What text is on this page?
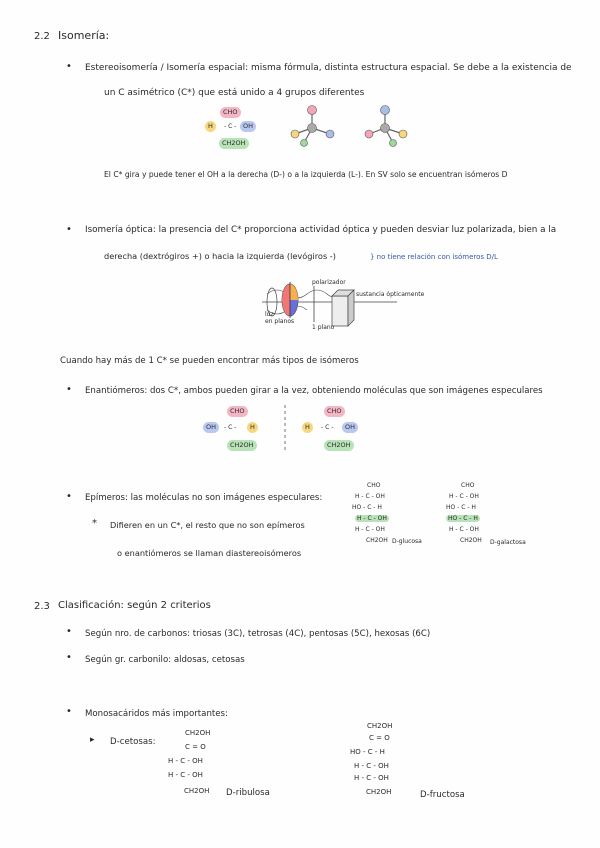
2.2 Isomería:
• Estereoisomería / Isomería espacial: misma fórmula, distinta estructura espacial. Se debe a la existencia de
un C asimétrico (C*) que está unido a 4 grupos diferentes
CHO
H	- C -	OH
CH2OH
El C* gira y puede tener el OH a la derecha (D-) o a la izquierda (L-). En SV solo se encuentran isómeros D
• Isomería óptica: la presencia del C* proporciona actividad óptica y pueden desviar luz polarizada, bien a la
derecha (dextrógiros +) o hacia la izquierda (levógiros -)	} no tiene relación con isómeros D/L
polarizador
sustancia ópticamente
luz
en planos
1 plano
Cuando hay más de 1 C* se pueden encontrar más tipos de isómeros
• Enantiómeros: dos C*, ambos pueden girar a la vez, obteniendo moléculas que son imágenes especulares
CHO
OH	- C -	H
CH2OH
CHO
H	- C -	OH
CH2OH
• Epímeros: las moléculas no son imágenes especulares:
* Difieren en un C*, el resto que no son epímeros
o enantiómeros se llaman diastereoisómeros
CHO
H - C - OH
HO - C - H
H - C - OH
H - C - OH
CH2OH D-glucosa
CHO
H - C - OH
HO - C - H
HO - C - H
H - C - OH
CH2OH D-galactosa
2.3 Clasificación: según 2 criterios
• Según nro. de carbonos: triosas (3C), tetrosas (4C), pentosas (5C), hexosas (6C)
• Según gr. carbonilo: aldosas, cetosas
• Monosacáridos más importantes:
▸ D-cetosas:
CH2OH
C = O
H - C - OH
H - C - OH
CH2OH D-ribulosa
CH2OH
C = O
HO - C - H
H - C - OH
H - C - OH
CH2OH	D-fructosa
